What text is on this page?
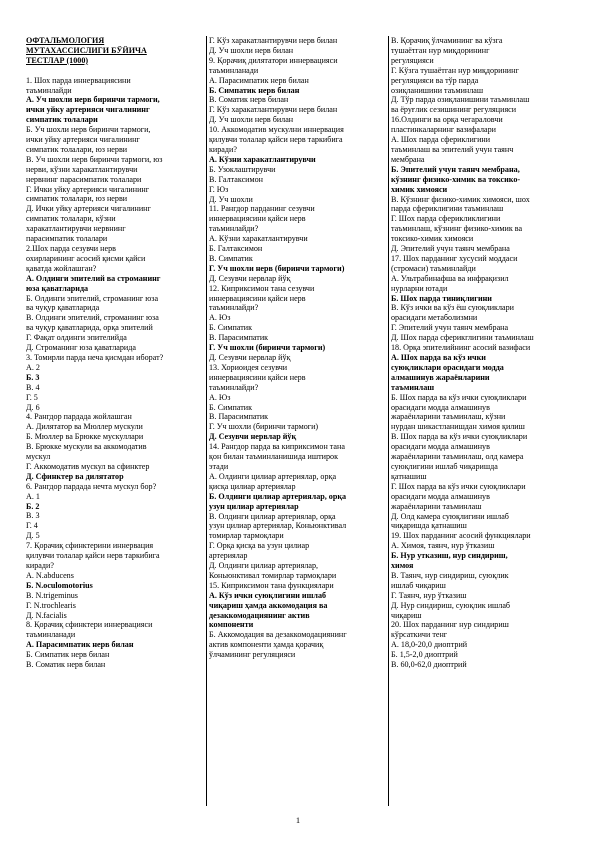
ОФТАЛЬМОЛОГИЯ
МУТАХАССИСЛИГИ БЎЙИЧА
ТЕСТЛАР (1000)
1. Шох парда иннервациясини
таъминлайди
А. Уч шохли нерв биринчи тармоги,
ички уйку артерияси чигалининг
симпатик толалари
Б. Уч шохли нерв биринчи тармоги,
ички уйку артерияси чигалининг
симпатик толалари, юз нерви
В. Уч шохли нерв биринчи тармоги, юз
нерви, кўзни харакатлантирувчи
нервнинг парасимпатик толалари
Г. Ички уйку артерияси чигалининг
симпатик толалари, юз нерви
Д. Ички уйку артерияси чигалининг
симпатик толалари, кўзни
харакатлантирувчи нервнинг
парасимпатик толалари
2.Шох парда сезувчи нерв
охирларининг асосий қисми қайси
қаватда жойлашган?
А. Олдинги эпителий ва строманинг
юза қаватларида
Б. Олдинги эпителий, строманинг юза
ва чуқур қаватларида
В. Олдинги эпителий, строманинг юза
ва чуқур қаватларида, орқа эпителий
Г. Фақат олдинги эпителийда
Д. Строманинг юза қаватларида
3. Томирли парда неча қисмдан иборат?
А. 2
Б. 3
В. 4
Г. 5
Д. 6
4. Рангдор пардада жойлашган
А. Дилятатор ва Мюллер мускули
Б. Мюллер ва Брюкке мускуллари
В. Брюкке мускули ва аккомодатив
мускул
Г. Аккомодатив мускул ва сфинктер
Д. Сфинктер ва дилятатор
6. Рангдор пардада нечта мускул бор?
А. 1
Б. 2
В. 3
Г. 4
Д. 5
7. Қорачиқ сфинктерини иннервация
қилувчи толалар қайси нерв таркибига
киради?
А. N.abducens
Б. N.oculomotorius
В. N.trigeminus
Г. N.trochlearis
Д. N.facialis
8. Қорачиқ сфинктери иннервацияси
таъминланади
А. Парасимпатик нерв билан
Б. Симпатик нерв билан
В. Соматик нерв билан
Г. Кўз харакатлантирувчи нерв билан
Д. Уч шохли нерв билан
9. Қорачиқ дилятатори иннервацияси
таъминланади
А. Парасимпатик нерв билан
Б. Симпатик нерв билан
В. Соматик нерв билан
Г. Кўз харакатлантирувчи нерв билан
Д. Уч шохли нерв билан
10. Аккомодатив мускулни иннервация
қилувчи толалар қайси нерв таркибига
киради?
А. Кўзни харакатлантирувчи
Б. Узоклаштирувчи
В. Галтаксимон
Г. Юз
Д. Уч шохли
11. Рангдор парданинг сезувчи
иннервациясини қайси нерв
таъминлайди?
А. Кўзни харакатлантирувчи
Б. Галтаксимон
В. Симпатик
Г. Уч шохли нерв (биринчи тармоги)
Д. Сезувчи нервлар йўқ
12. Киприксимон тана сезувчи
иннервациясини қайси нерв
таъминлайди?
А. Юз
Б. Симпатик
В. Парасимпатик
Г. Уч шохли (биринчи тармоги)
Д. Сезувчи нервлар йўқ
13. Хориоидея сезувчи
иннервациясини қайси нерв
таъминлайди?
А. Юз
Б. Симпатик
В. Парасимпатик
Г. Уч шохли (биринчи тармоги)
Д. Сезувчи нервлар йўқ
14. Рангдор парда ва киприксимон тана
қон билан таъминланишида иштирок
этади
А. Олдинги цилиар артериялар, орқа
қисқа цилиар артериялар
Б. Олдинги цилиар артериялар, орқа
узун цилиар артериялар
В. Олдинги цилиар артериялар, орқа
узун цилиар артериялар, Коньюнктивал
томирлар тармоқлари
Г. Орқа қисқа ва узун цилиар
артериялар
Д. Олдинги цилиар артериялар,
Коньюнктивал томирлар тармоқлари
15. Киприксимон тана функциялари
А. Кўз ички суюқлигини ишлаб
чиқариш ҳамда аккомодация ва
дезаккомодациянинг актив
компоненти
Б. Аккомодация ва дезаккомодациянинг
актив компоненти ҳамда қорачиқ
ўлчамининг регуляцияси
В. Қорачиқ ўлчамининг ва кўзга
тушаётган нур миқдорининг
регуляцияси
Г. Кўзга тушаётган нур миқдорининг
регуляцияси ва тўр парда
озиқланишини таъминлаш
Д. Тўр парда озиқланишини таъминлаш
ва ёруғлик сезишининг регуляцияси
16.Олдинги ва орқа чегараловчи
пластинкаларнинг вазифалари
А. Шох парда сфериклигини
таъминлаш ва эпителий учун таянч
мембрана
Б. Эпителий учун таянч мембрана,
кўзнинг физико-химик ва токсико-
химик химояси
В. Кўзнинг физико-химик химояси, шох
парда сфериклигини таъминлаш
Г. Шох парда сферикликлигини
таъминлаш, кўзнинг физико-химик ва
токсико-химик химояси
Д. Эпителий учун таянч мембрана
17. Шох парданинг хусусий моддаси
(стромаси) таъминлайди
А. Ультрабинафша ва инфрақизил
нурларни ютади
Б. Шох парда тиниқлигини
В. Кўз ички ва кўз ёш суюқликлари
орасидаги метаболизмни
Г. Эпителий учун таянч мембрана
Д. Шох парда сферикглигини таъминлаш
18. Орқа эпителийнинг асосий вазифаси
А. Шох парда ва кўз ички
суюқликлари орасидаги модда
алмашинув жараёнларини
таъминлаш
Б. Шох парда ва кўз ички суюқликлари
орасидаги модда алмашинув
жараёнларини таъминлаш, кўзни
нурдан шикастланишдан химоя қилиш
В. Шох парда ва кўз ички суюқликлари
орасидаги модда алмашинув
жараёнларини таъминлаш, олд камера
суюқлигини ишлаб чиқаришда
қатнашиш
Г. Шох парда ва кўз ички суюқликлари
орасидаги модда алмашинув
жараёнларини таъминлаш
Д. Олд камера суюқлигини ишлаб
чиқаришда қатнашиш
19. Шох парданинг асосий функциялари
А. Химоя, таянч, нур ўтказиш
Б. Нур утказиш, нур синдириш,
химоя
В. Таянч, нур синдириш, суюқлик
ишлаб чиқариш
Г. Таянч, нур ўтказиш
Д. Нур синдириш, суюқлик ишлаб
чиқариш
20. Шох парданинг нур синдириш
кўрсаткичи тенг
А. 18,0-20,0 диоптрий
Б. 1,5-2,0 диоптрий
В. 60,0-62,0 диоптрий
1
